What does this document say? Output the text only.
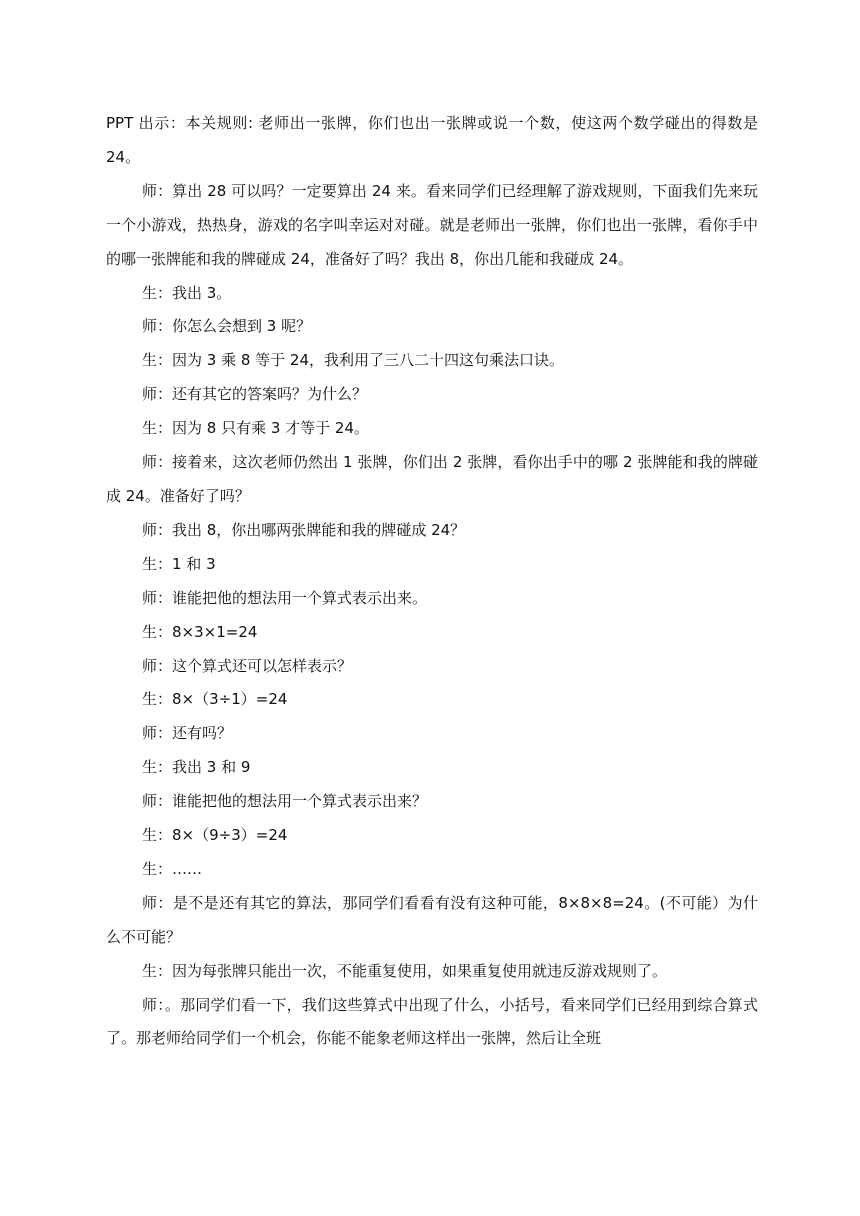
PPT 出示：本关规则: 老师出一张牌，你们也出一张牌或说一个数，使这两个数学碰出的得数是 24。

师：算出 28 可以吗？一定要算出 24 来。看来同学们已经理解了游戏规则，下面我们先来玩一个小游戏，热热身，游戏的名字叫幸运对对碰。就是老师出一张牌，你们也出一张牌，看你手中的哪一张牌能和我的牌碰成 24，准备好了吗？我出 8，你出几能和我碰成 24。

生：我出 3。

师：你怎么会想到 3 呢？

生：因为 3 乘 8 等于 24，我利用了三八二十四这句乘法口诀。

师：还有其它的答案吗？为什么？

生：因为 8 只有乘 3 才等于 24。

师：接着来，这次老师仍然出 1 张牌，你们出 2 张牌，看你出手中的哪 2 张牌能和我的牌碰成 24。准备好了吗？

师：我出 8，你出哪两张牌能和我的牌碰成 24？

生：1 和 3

师：谁能把他的想法用一个算式表示出来。

生：8×3×1=24

师：这个算式还可以怎样表示？

生：8×（3÷1）=24

师：还有吗？

生：我出 3 和 9

师：谁能把他的想法用一个算式表示出来？

生：8×（9÷3）=24

生：……

师：是不是还有其它的算法，那同学们看看有没有这种可能，8×8×8=24。(不可能）为什么不可能？

生：因为每张牌只能出一次，不能重复使用，如果重复使用就违反游戏规则了。

师：。那同学们看一下，我们这些算式中出现了什么，小括号，看来同学们已经用到综合算式了。那老师给同学们一个机会，你能不能象老师这样出一张牌，然后让全班
